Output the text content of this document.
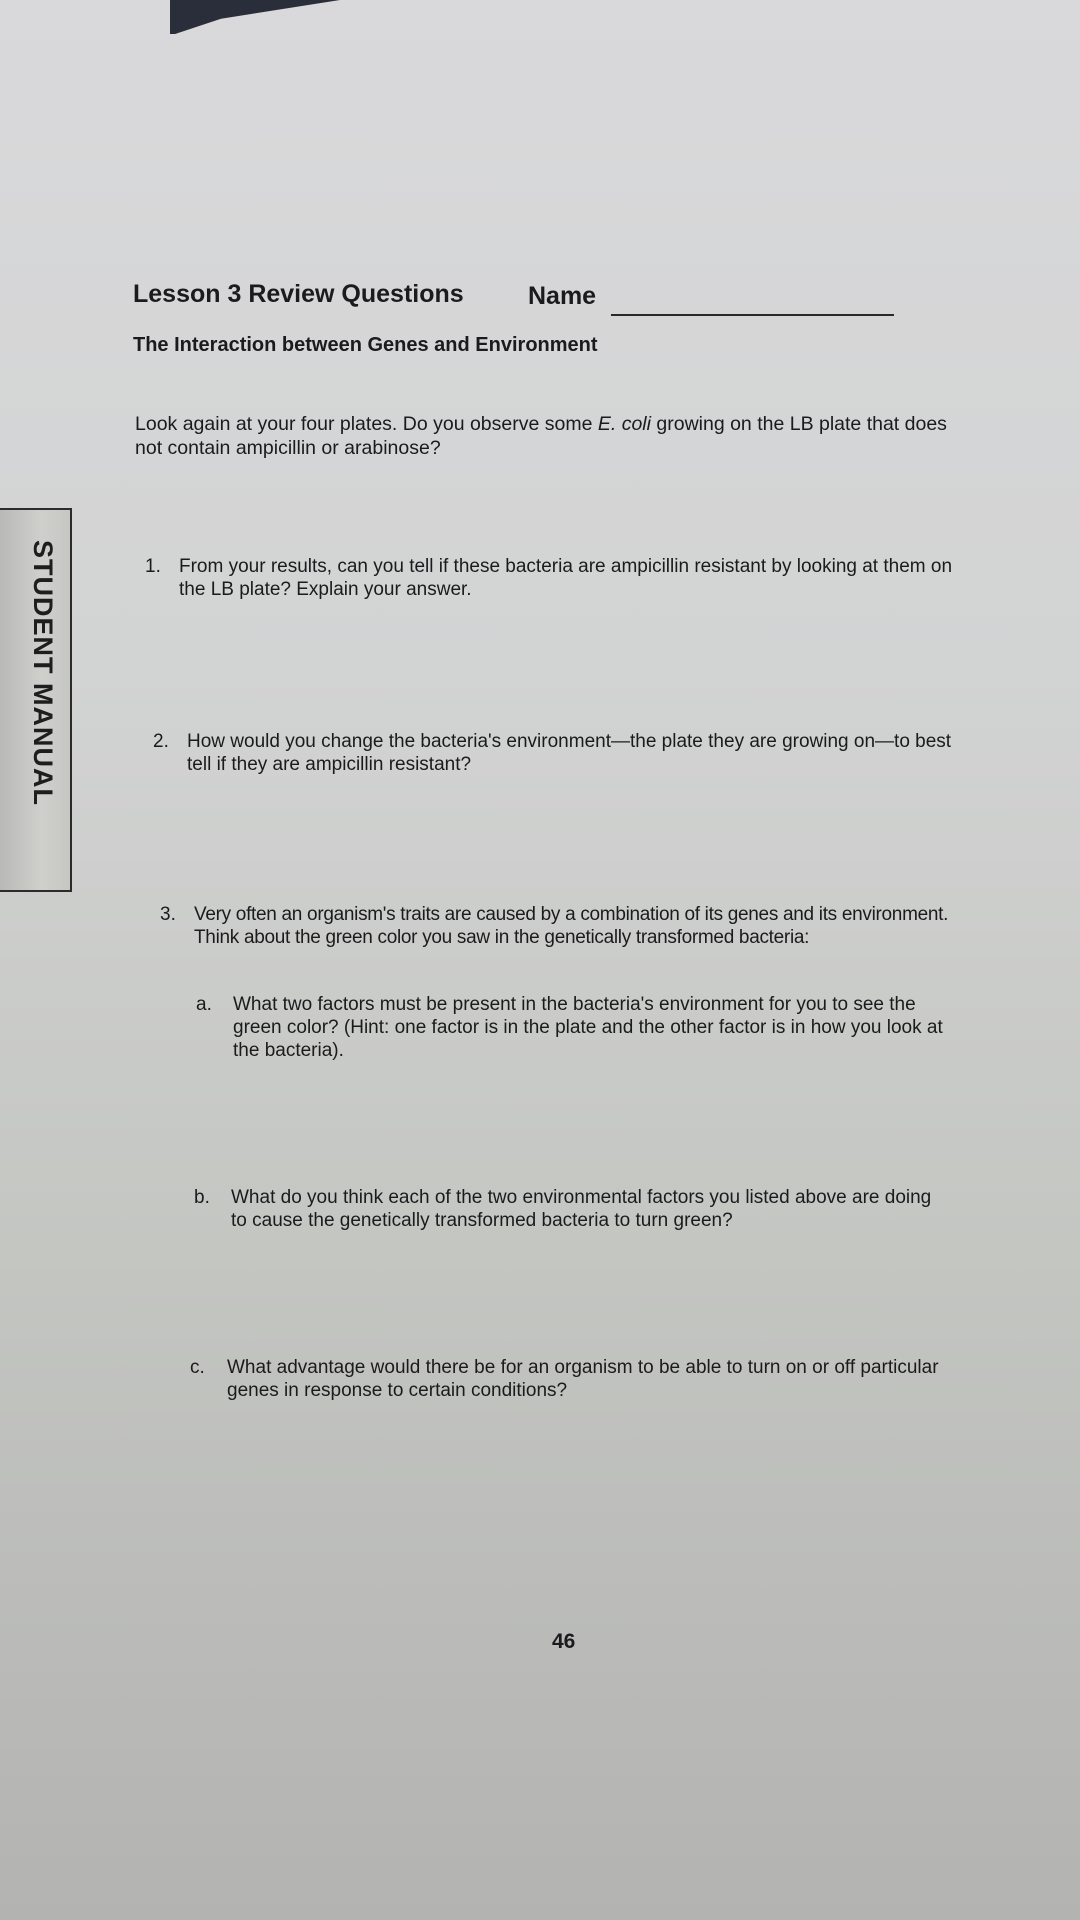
STUDENT MANUAL
Lesson 3 Review Questions	Name
The Interaction between Genes and Environment
Look again at your four plates. Do you observe some E. coli growing on the LB plate that does not contain ampicillin or arabinose?
1. From your results, can you tell if these bacteria are ampicillin resistant by looking at them on the LB plate? Explain your answer.
2. How would you change the bacteria's environment—the plate they are growing on—to best tell if they are ampicillin resistant?
3. Very often an organism's traits are caused by a combination of its genes and its environment. Think about the green color you saw in the genetically transformed bacteria:
a. What two factors must be present in the bacteria's environment for you to see the green color? (Hint: one factor is in the plate and the other factor is in how you look at the bacteria).
b. What do you think each of the two environmental factors you listed above are doing to cause the genetically transformed bacteria to turn green?
c. What advantage would there be for an organism to be able to turn on or off particular genes in response to certain conditions?
46
